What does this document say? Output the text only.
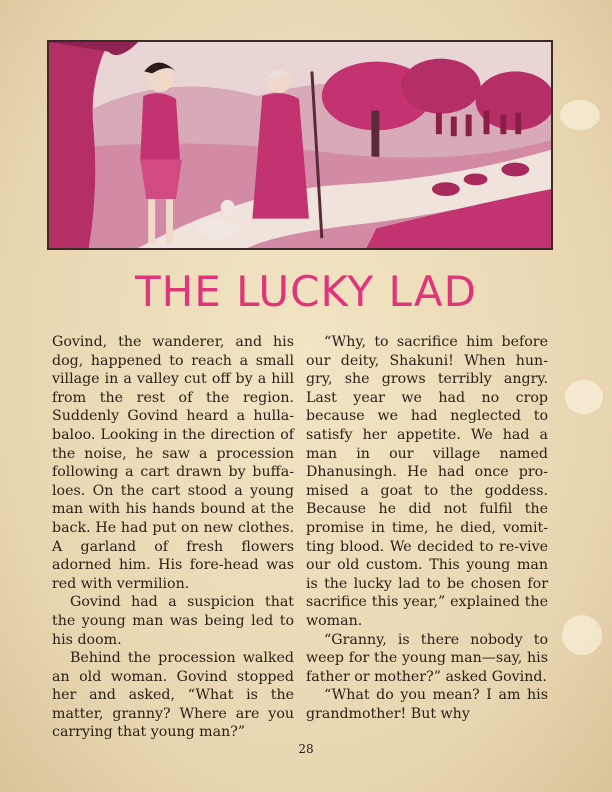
THE LUCKY LAD

Govind, the wanderer, and his dog, happened to reach a small village in a valley cut off by a hill from the rest of the region. Suddenly Govind heard a hulla-baloo. Looking in the direction of the noise, he saw a procession following a cart drawn by buffa-loes. On the cart stood a young man with his hands bound at the back. He had put on new clothes. A garland of fresh flowers adorned him. His fore-head was red with vermilion.

Govind had a suspicion that the young man was being led to his doom.

Behind the procession walked an old woman. Govind stopped her and asked, “What is the matter, granny? Where are you carrying that young man?”

“Why, to sacrifice him before our deity, Shakuni! When hun-gry, she grows terribly angry. Last year we had no crop because we had neglected to satisfy her appetite. We had a man in our village named Dhanusingh. He had once pro-mised a goat to the goddess. Because he did not fulfil the promise in time, he died, vomit-ting blood. We decided to re-vive our old custom. This young man is the lucky lad to be chosen for sacrifice this year,” explained the woman.

“Granny, is there nobody to weep for the young man—say, his father or mother?” asked Govind.

“What do you mean? I am his grandmother! But why

28
